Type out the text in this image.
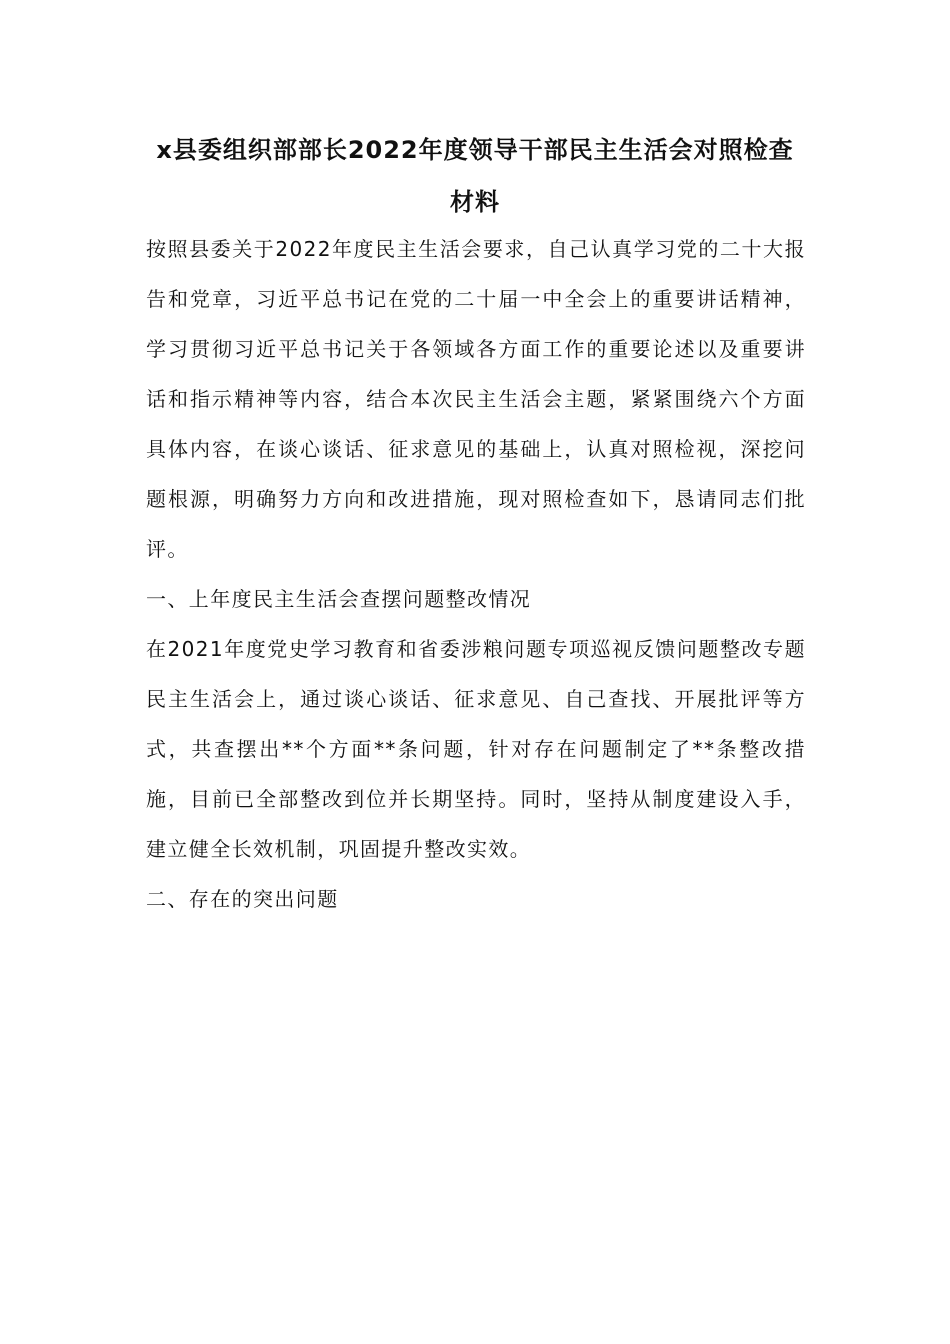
x县委组织部部长2022年度领导干部民主生活会对照检查
材料

按照县委关于2022年度民主生活会要求，自己认真学习党的二十大报告和党章，习近平总书记在党的二十届一中全会上的重要讲话精神，学习贯彻习近平总书记关于各领域各方面工作的重要论述以及重要讲话和指示精神等内容，结合本次民主生活会主题，紧紧围绕六个方面具体内容，在谈心谈话、征求意见的基础上，认真对照检视，深挖问题根源，明确努力方向和改进措施，现对照检查如下，恳请同志们批评。

一、上年度民主生活会查摆问题整改情况

在2021年度党史学习教育和省委涉粮问题专项巡视反馈问题整改专题民主生活会上，通过谈心谈话、征求意见、自己查找、开展批评等方式，共查摆出**个方面**条问题，针对存在问题制定了**条整改措施，目前已全部整改到位并长期坚持。同时，坚持从制度建设入手，建立健全长效机制，巩固提升整改实效。

二、存在的突出问题
